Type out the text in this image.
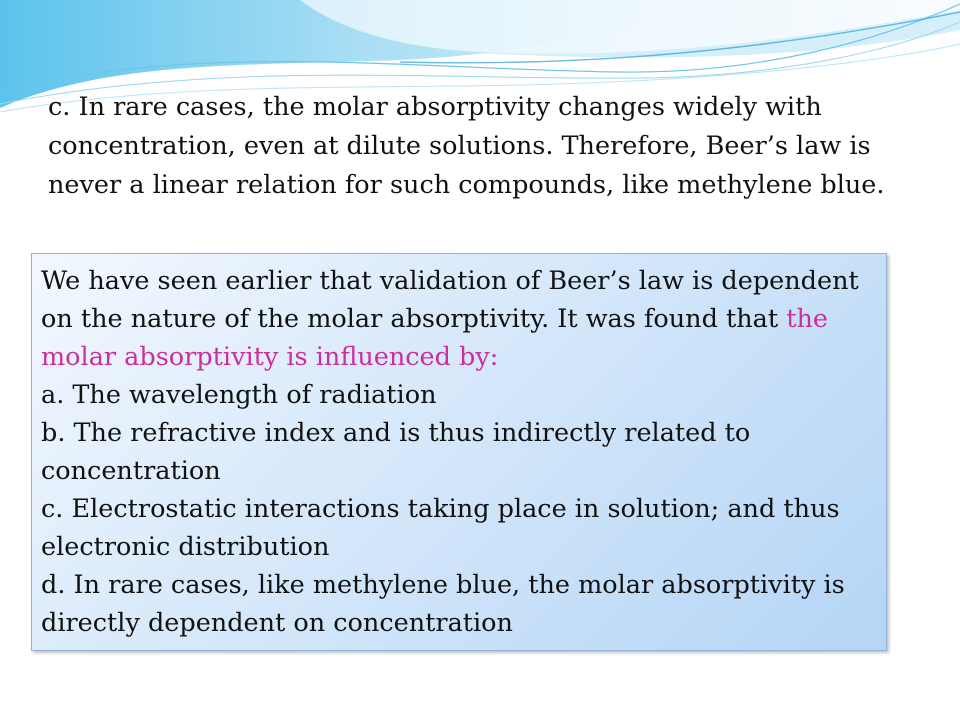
c. In rare cases, the molar absorptivity changes widely with concentration, even at dilute solutions. Therefore, Beer’s law is never a linear relation for such compounds, like methylene blue.

We have seen earlier that validation of Beer’s law is dependent on the nature of the molar absorptivity. It was found that the molar absorptivity is influenced by:

a. The wavelength of radiation

b. The refractive index and is thus indirectly related to concentration

c. Electrostatic interactions taking place in solution; and thus electronic distribution

d. In rare cases, like methylene blue, the molar absorptivity is directly dependent on concentration
